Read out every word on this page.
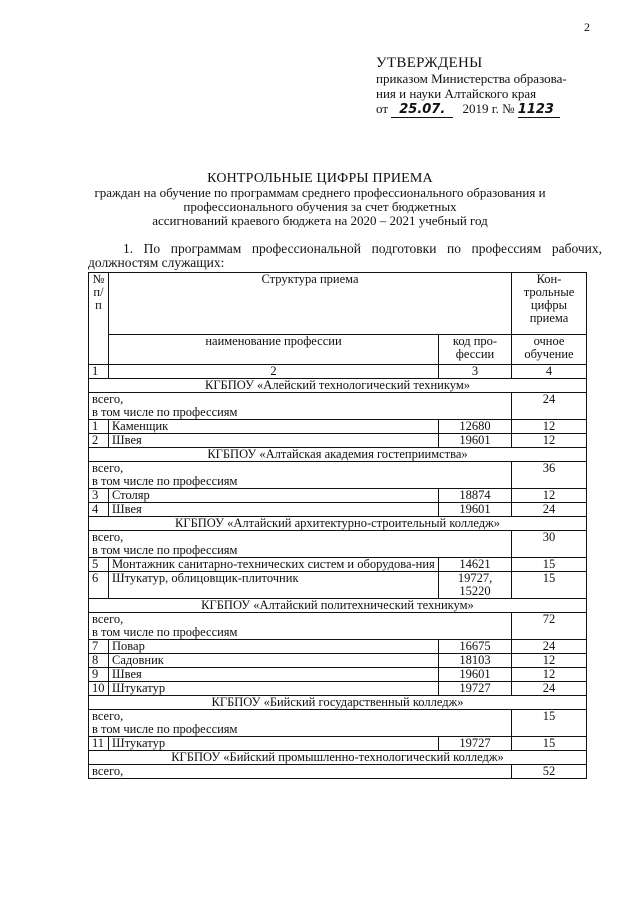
2
УТВЕРЖДЕНЫ
приказом Министерства образова-
ния и науки Алтайского края
от 25.07. 2019 г. № 1123
КОНТРОЛЬНЫЕ ЦИФРЫ ПРИЕМА
граждан на обучение по программам среднего профессионального образования и
профессионального обучения за счет бюджетных
ассигнований краевого бюджета на 2020 – 2021 учебный год
1. По программам профессиональной подготовки по профессиям рабочих,
должностям служащих:
№ п/ п	Структура приема		Кон-трольные цифры приема
	наименование профессии	код про-фессии	очное обучение
1	2	3	4
КГБПОУ «Алейский технологический техникум»			

всего,
в том числе по профессиям			24
1	Каменщик	12680	12
2	Швея	19601	12
КГБПОУ «Алтайская академия гостеприимства»			

всего,
в том числе по профессиям			36
3	Столяр	18874	12
4	Швея	19601	24
КГБПОУ «Алтайский архитектурно-строительный колледж»			

всего,
в том числе по профессиям			30
5	Монтажник санитарно-технических систем и оборудова-ния	14621	15
6	Штукатур, облицовщик-плиточник	19727, 15220	15
КГБПОУ «Алтайский политехнический техникум»			

всего,
в том числе по профессиям			72
7	Повар	16675	24
8	Садовник	18103	12
9	Швея	19601	12
10	Штукатур	19727	24
КГБПОУ «Бийский государственный колледж»			

всего,
в том числе по профессиям			15
11	Штукатур	19727	15
КГБПОУ «Бийский промышленно-технологический колледж»			

всего,			52
